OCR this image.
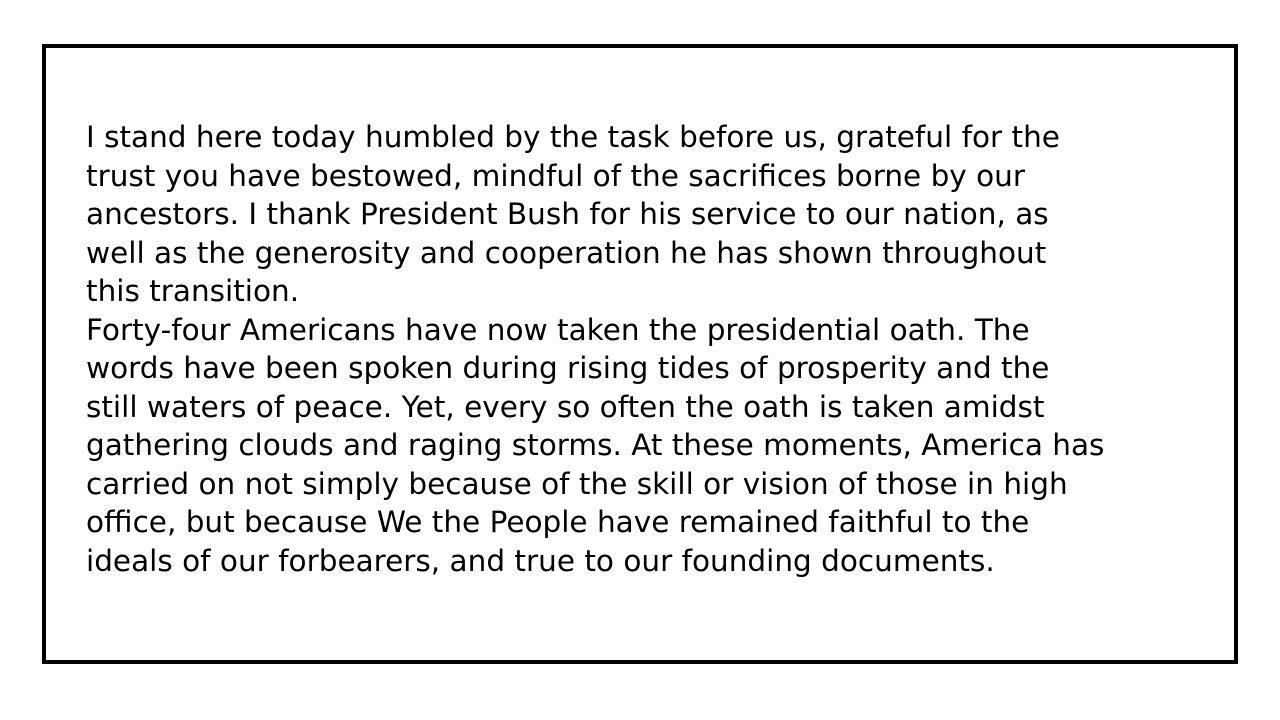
I stand here today humbled by the task before us, grateful for the
trust you have bestowed, mindful of the sacrifices borne by our
ancestors. I thank President Bush for his service to our nation, as
well as the generosity and cooperation he has shown throughout
this transition.

Forty-four Americans have now taken the presidential oath. The
words have been spoken during rising tides of prosperity and the
still waters of peace. Yet, every so often the oath is taken amidst
gathering clouds and raging storms. At these moments, America has
carried on not simply because of the skill or vision of those in high
office, but because We the People have remained faithful to the
ideals of our forbearers, and true to our founding documents.
